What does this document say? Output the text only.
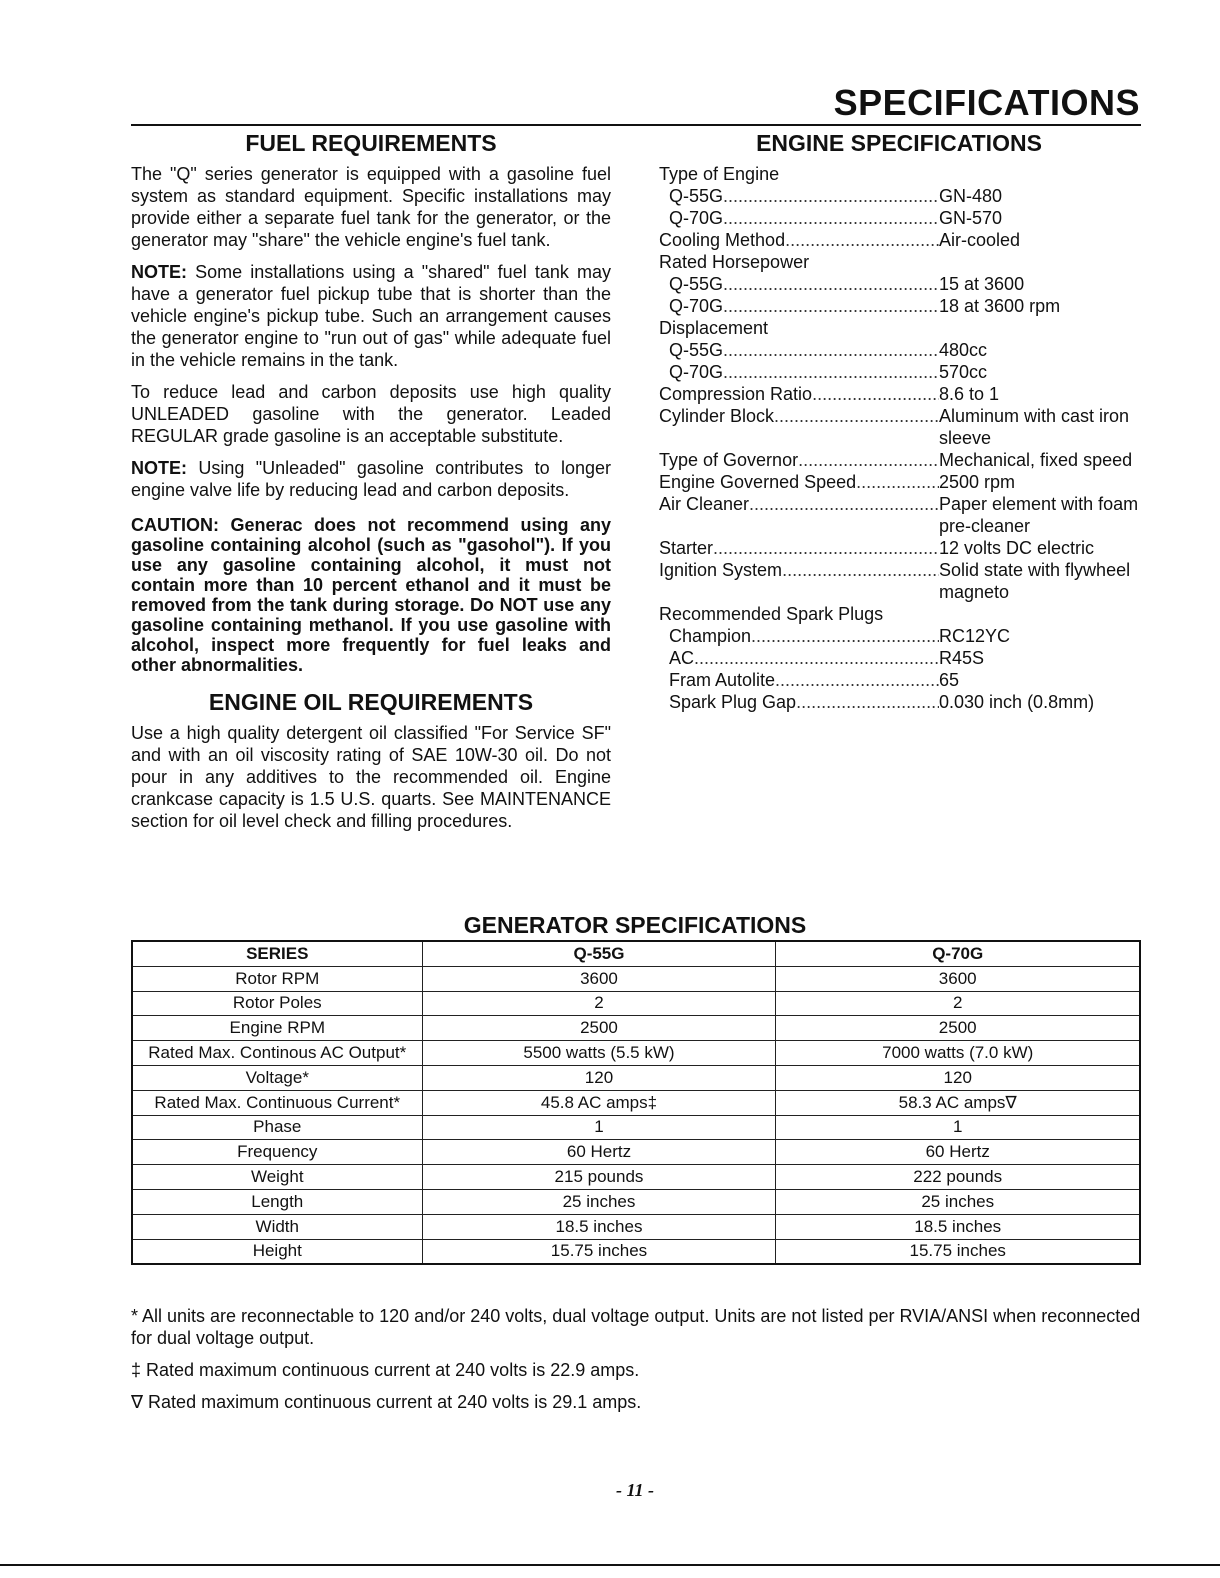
SPECIFICATIONS
FUEL REQUIREMENTS

The "Q" series generator is equipped with a gasoline fuel system as standard equipment. Specific installations may provide either a separate fuel tank for the generator, or the generator may "share" the vehicle engine's fuel tank.

NOTE: Some installations using a "shared" fuel tank may have a generator fuel pickup tube that is shorter than the vehicle engine's pickup tube. Such an arrangement causes the generator engine to "run out of gas" while adequate fuel in the vehicle remains in the tank.

To reduce lead and carbon deposits use high quality UNLEADED gasoline with the generator. Leaded REGULAR grade gasoline is an acceptable substitute.

NOTE: Using "Unleaded" gasoline contributes to longer engine valve life by reducing lead and carbon deposits.

CAUTION: Generac does not recommend using any gasoline containing alcohol (such as "gasohol"). If you use any gasoline containing alcohol, it must not contain more than 10 percent ethanol and it must be removed from the tank during storage. Do NOT use any gasoline containing methanol. If you use gasoline with alcohol, inspect more frequently for fuel leaks and other abnormalities.

ENGINE OIL REQUIREMENTS

Use a high quality detergent oil classified "For Service SF" and with an oil viscosity rating of SAE 10W-30 oil. Do not pour in any additives to the recommended oil. Engine crankcase capacity is 1.5 U.S. quarts. See MAINTENANCE section for oil level check and filling procedures.

ENGINE SPECIFICATIONS
Type of Engine
Q-55G .....	GN-480
Q-70G .....	GN-570
Cooling Method .....	Air-cooled
Rated Horsepower
Q-55G .....	15 at 3600
Q-70G .....	18 at 3600 rpm
Displacement
Q-55G .....	480cc
Q-70G .....	570cc
Compression Ratio .....	8.6 to 1
Cylinder Block .....	Aluminum with cast iron sleeve
Type of Governor .....	Mechanical, fixed speed
Engine Governed Speed .....	2500 rpm
Air Cleaner .....	Paper element with foam pre-cleaner
Starter .....	12 volts DC electric
Ignition System .....	Solid state with flywheel magneto
Recommended Spark Plugs
Champion .....	RC12YC
AC .....	R45S
Fram Autolite .....	65
Spark Plug Gap .....	0.030 inch (0.8mm)
GENERATOR SPECIFICATIONS
SERIES	Q-55G	Q-70G
Rotor RPM	3600	3600
Rotor Poles	2	2
Engine RPM	2500	2500
Rated Max. Continous AC Output*	5500 watts (5.5 kW)	7000 watts (7.0 kW)
Voltage*	120	120
Rated Max. Continuous Current*	45.8 AC amps‡	58.3 AC amps∇
Phase	1	1
Frequency	60 Hertz	60 Hertz
Weight	215 pounds	222 pounds
Length	25 inches	25 inches
Width	18.5 inches	18.5 inches
Height	15.75 inches	15.75 inches

* All units are reconnectable to 120 and/or 240 volts, dual voltage output. Units are not listed per RVIA/ANSI when reconnected for dual voltage output.

‡ Rated maximum continuous current at 240 volts is 22.9 amps.

∇ Rated maximum continuous current at 240 volts is 29.1 amps.

- 11 -
